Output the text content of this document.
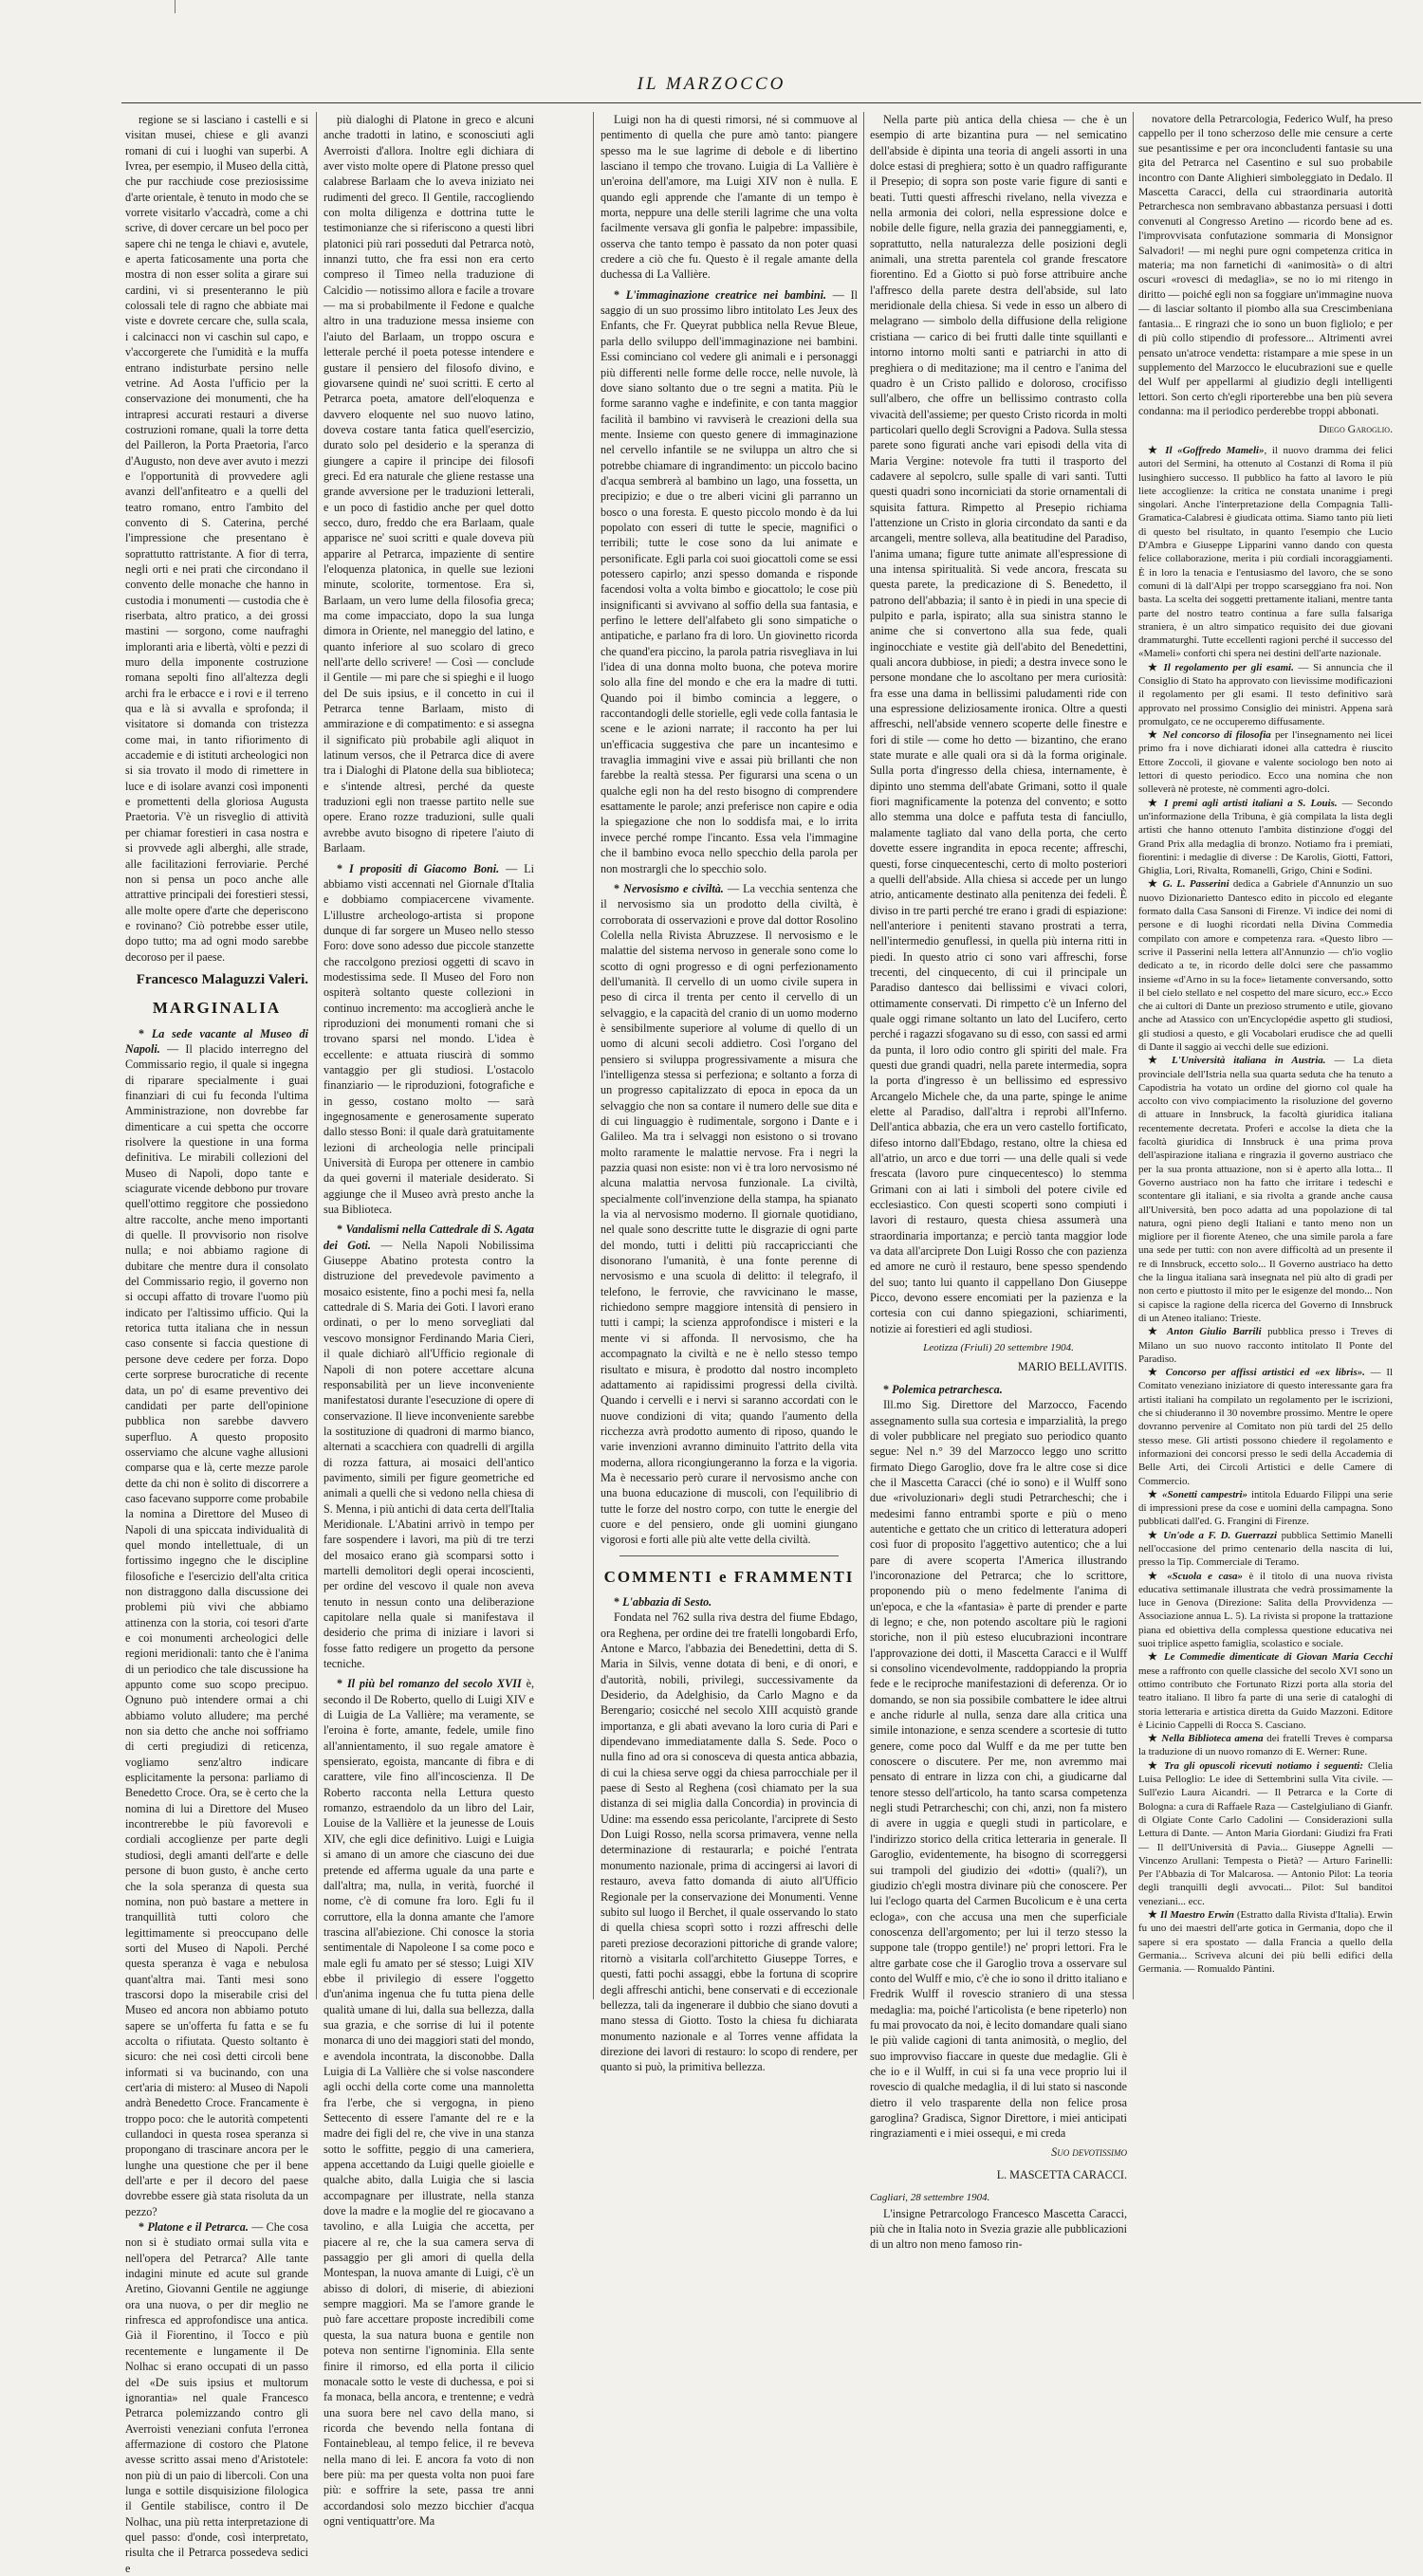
IL MARZOCCO

regione se si lasciano i castelli e si visitan musei, chiese e gli avanzi romani di cui i luoghi van superbi. A Ivrea, per esempio, il Museo della città, che pur racchiude cose preziosissime d'arte orientale, è tenuto in modo che se vorrete visitarlo v'accadrà, come a chi scrive, di dover cercare un bel poco per sapere chi ne tenga le chiavi e, avutele, e aperta faticosamente una porta che mostra di non esser solita a girare sui cardini, vi si presenteranno le più colossali tele di ragno che abbiate mai viste e dovrete cercare che, sulla scala, i calcinacci non vi caschin sul capo, e v'accorgerete che l'umidità e la muffa entrano indisturbate persino nelle vetrine. Ad Aosta l'ufficio per la conservazione dei monumenti, che ha intrapresi accurati restauri a diverse costruzioni romane, quali la torre detta del Pailleron, la Porta Praetoria, l'arco d'Augusto, non deve aver avuto i mezzi e l'opportunità di provvedere agli avanzi dell'anfiteatro e a quelli del teatro romano, entro l'ambito del convento di S. Caterina, perché l'impressione che presentano è soprattutto rattristante. A fior di terra, negli orti e nei prati che circondano il convento delle monache che hanno in custodia i monumenti — custodia che è riserbata, altro pratico, a dei grossi mastini — sorgono, come naufraghi imploranti aria e libertà, vòlti e pezzi di muro della imponente costruzione romana sepolti fino all'altezza degli archi fra le erbacce e i rovi e il terreno qua e là si avvalla e sprofonda; il visitatore si domanda con tristezza come mai, in tanto rifiorimento di accademie e di istituti archeologici non si sia trovato il modo di rimettere in luce e di isolare avanzi così imponenti e promettenti della gloriosa Augusta Praetoria. V'è un risveglio di attività per chiamar forestieri in casa nostra e si provvede agli alberghi, alle strade, alle facilitazioni ferroviarie. Perché non si pensa un poco anche alle attrattive principali dei forestieri stessi, alle molte opere d'arte che deperiscono e rovinano? Ciò potrebbe esser utile, dopo tutto; ma ad ogni modo sarebbe decoroso per il paese.

Francesco Malaguzzi Valeri.

MARGINALIA

* La sede vacante al Museo di Napoli. — Il placido interregno del Commissario regio, il quale si ingegna di riparare specialmente i guai finanziari di cui fu feconda l'ultima Amministrazione, non dovrebbe far dimenticare a cui spetta che occorre risolvere la questione in una forma definitiva. Le mirabili collezioni del Museo di Napoli, dopo tante e sciagurate vicende debbono pur trovare quell'ottimo reggitore che possiedono altre raccolte, anche meno importanti di quelle. Il provvisorio non risolve nulla; e noi abbiamo ragione di dubitare che mentre dura il consolato del Commissario regio, il governo non si occupi affatto di trovare l'uomo più indicato per l'altissimo ufficio. Qui la retorica tutta italiana che in nessun caso consente si faccia questione di persone deve cedere per forza. Dopo certe sorprese burocratiche di recente data, un po' di esame preventivo dei candidati per parte dell'opinione pubblica non sarebbe davvero superfluo. A questo proposito osserviamo che alcune vaghe allusioni comparse qua e là, certe mezze parole dette da chi non è solito di discorrere a caso facevano supporre come probabile la nomina a Direttore del Museo di Napoli di una spiccata individualità di quel mondo intellettuale, di un fortissimo ingegno che le discipline filosofiche e l'esercizio dell'alta critica non distraggono dalla discussione dei problemi più vivi che abbiamo attinenza con la storia, coi tesori d'arte e coi monumenti archeologici delle regioni meridionali: tanto che è l'anima di un periodico che tale discussione ha appunto come suo scopo precipuo. Ognuno può intendere ormai a chi abbiamo voluto alludere; ma perché non sia detto che anche noi soffriamo di certi pregiudizi di reticenza, vogliamo senz'altro indicare esplicitamente la persona: parliamo di Benedetto Croce. Ora, se è certo che la nomina di lui a Direttore del Museo incontrerebbe le più favorevoli e cordiali accoglienze per parte degli studiosi, degli amanti dell'arte e delle persone di buon gusto, è anche certo che la sola speranza di questa sua nomina, non può bastare a mettere in tranquillità tutti coloro che legittimamente si preoccupano delle sorti del Museo di Napoli. Perché questa speranza è vaga e nebulosa quant'altra mai. Tanti mesi sono trascorsi dopo la miserabile crisi del Museo ed ancora non abbiamo potuto sapere se un'offerta fu fatta e se fu accolta o rifiutata. Questo soltanto è sicuro: che nei così detti circoli bene informati si va bucinando, con una cert'aria di mistero: al Museo di Napoli andrà Benedetto Croce. Francamente è troppo poco: che le autorità competenti cullandoci in questa rosea speranza si propongano di trascinare ancora per le lunghe una questione che per il bene dell'arte e per il decoro del paese dovrebbe essere già stata risoluta da un pezzo?

* Platone e il Petrarca. — Che cosa non si è studiato ormai sulla vita e nell'opera del Petrarca? Alle tante indagini minute ed acute sul grande Aretino, Giovanni Gentile ne aggiunge ora una nuova, o per dir meglio ne rinfresca ed approfondisce una antica. Già il Fiorentino, il Tocco e più recentemente e lungamente il De Nolhac si erano occupati di un passo del «De suis ipsius et multorum ignorantia» nel quale Francesco Petrarca polemizzando contro gli Averroisti veneziani confuta l'erronea affermazione di costoro che Platone avesse scritto assai meno d'Aristotele: non più di un paio di libercoli. Con una lunga e sottile disquisizione filologica il Gentile stabilisce, contro il De Nolhac, una più retta interpretazione di quel passo: d'onde, così interpretato, risulta che il Petrarca possedeva sedici e

più dialoghi di Platone in greco e alcuni anche tradotti in latino, e sconosciuti agli Averroisti d'allora. Inoltre egli dichiara di aver visto molte opere di Platone presso quel calabrese Barlaam che lo aveva iniziato nei rudimenti del greco. Il Gentile, raccogliendo con molta diligenza e dottrina tutte le testimonianze che si riferiscono a questi libri platonici più rari posseduti dal Petrarca notò, innanzi tutto, che fra essi non era certo compreso il Timeo nella traduzione di Calcidio — notissimo allora e facile a trovare — ma si probabilmente il Fedone e qualche altro in una traduzione messa insieme con l'aiuto del Barlaam, un troppo oscura e letterale perché il poeta potesse intendere e gustare il pensiero del filosofo divino, e giovarsene quindi ne' suoi scritti. E certo al Petrarca poeta, amatore dell'eloquenza e davvero eloquente nel suo nuovo latino, doveva costare tanta fatica quell'esercizio, durato solo pel desiderio e la speranza di giungere a capire il principe dei filosofi greci. Ed era naturale che gliene restasse una grande avversione per le traduzioni letterali, e un poco di fastidio anche per quel dotto secco, duro, freddo che era Barlaam, quale apparisce ne' suoi scritti e quale doveva più apparire al Petrarca, impaziente di sentire l'eloquenza platonica, in quelle sue lezioni minute, scolorite, tormentose. Era sì, Barlaam, un vero lume della filosofia greca; ma come impacciato, dopo la sua lunga dimora in Oriente, nel maneggio del latino, e quanto inferiore al suo scolaro di greco nell'arte dello scrivere! — Così — conclude il Gentile — mi pare che si spieghi e il luogo del De suis ipsius, e il concetto in cui il Petrarca tenne Barlaam, misto di ammirazione e di compatimento: e si assegna il significato più probabile agli aliquot in latinum versos, che il Petrarca dice di avere tra i Dialoghi di Platone della sua biblioteca; e s'intende altresì, perché da queste traduzioni egli non traesse partito nelle sue opere. Erano rozze traduzioni, sulle quali avrebbe avuto bisogno di ripetere l'aiuto di Barlaam.

* I propositi di Giacomo Boni. — Li abbiamo visti accennati nel Giornale d'Italia e dobbiamo compiacercene vivamente. L'illustre archeologo-artista si propone dunque di far sorgere un Museo nello stesso Foro: dove sono adesso due piccole stanzette che raccolgono preziosi oggetti di scavo in modestissima sede. Il Museo del Foro non ospiterà soltanto queste collezioni in continuo incremento: ma accoglierà anche le riproduzioni dei monumenti romani che si trovano sparsi nel mondo. L'idea è eccellente: e attuata riuscirà di sommo vantaggio per gli studiosi. L'ostacolo finanziario — le riproduzioni, fotografiche e in gesso, costano molto — sarà ingegnosamente e generosamente superato dallo stesso Boni: il quale darà gratuitamente lezioni di archeologia nelle principali Università di Europa per ottenere in cambio da quei governi il materiale desiderato. Si aggiunge che il Museo avrà presto anche la sua Biblioteca.

* Vandalismi nella Cattedrale di S. Agata dei Goti. — Nella Napoli Nobilissima Giuseppe Abatino protesta contro la distruzione del prevedevole pavimento a mosaico esistente, fino a pochi mesi fa, nella cattedrale di S. Maria dei Goti. I lavori erano ordinati, o per lo meno sorvegliati dal vescovo monsignor Ferdinando Maria Cieri, il quale dichiarò all'Ufficio regionale di Napoli di non potere accettare alcuna responsabilità per un lieve inconveniente manifestatosi durante l'esecuzione di opere di conservazione. Il lieve inconveniente sarebbe la sostituzione di quadroni di marmo bianco, alternati a scacchiera con quadrelli di argilla di rozza fattura, ai mosaici dell'antico pavimento, simili per figure geometriche ed animali a quelli che si vedono nella chiesa di S. Menna, i più antichi di data certa dell'Italia Meridionale. L'Abatini arrivò in tempo per fare sospendere i lavori, ma più di tre terzi del mosaico erano già scomparsi sotto i martelli demolitori degli operai incoscienti, per ordine del vescovo il quale non aveva tenuto in nessun conto una deliberazione capitolare nella quale si manifestava il desiderio che prima di iniziare i lavori si fosse fatto redigere un progetto da persone tecniche.

* Il più bel romanzo del secolo XVII è, secondo il De Roberto, quello di Luigi XIV e di Luigia de La Vallière; ma veramente, se l'eroina è forte, amante, fedele, umile fino all'annientamento, il suo regale amatore è spensierato, egoista, mancante di fibra e di carattere, vile fino all'incoscienza. Il De Roberto racconta nella Lettura questo romanzo, estraendolo da un libro del Lair, Louise de la Vallière et la jeunesse de Louis XIV, che egli dice definitivo. Luigi e Luigia si amano di un amore che ciascuno dei due pretende ed afferma uguale da una parte e dall'altra; ma, nulla, in verità, fuorché il nome, c'è di comune fra loro. Egli fu il corruttore, ella la donna amante che l'amore trascina all'abiezione. Chi conosce la storia sentimentale di Napoleone I sa come poco e male egli fu amato per sé stesso; Luigi XIV ebbe il privilegio di essere l'oggetto d'un'anima ingenua che fu tutta piena delle qualità umane di lui, dalla sua bellezza, dalla sua grazia, e che sorrise di lui il potente monarca di uno dei maggiori stati del mondo, e avendola incontrata, la disconobbe. Dalla Luigia di La Vallière che si volse nascondere agli occhi della corte come una mannoletta fra l'erbe, che si vergogna, in pieno Settecento di essere l'amante del re e la madre dei figli del re, che vive in una stanza sotto le soffitte, peggio di una cameriera, appena accettando da Luigi quelle gioielle e qualche abito, dalla Luigia che si lascia accompagnare per illustrate, nella stanza dove la madre e la moglie del re giocavano a tavolino, e alla Luigia che accetta, per piacere al re, che la sua camera serva di passaggio per gli amori di quella della Montespan, la nuova amante di Luigi, c'è un abisso di dolori, di miserie, di abiezioni sempre maggiori. Ma se l'amore grande le può fare accettare proposte incredibili come questa, la sua natura buona e gentile non poteva non sentirne l'ignominia. Ella sente finire il rimorso, ed ella porta il cilicio monacale sotto le veste di duchessa, e poi si fa monaca, bella ancora, e trentenne; e vedrà una suora bere nel cavo della mano, si ricorda che bevendo nella fontana di Fontainebleau, al tempo felice, il re beveva nella mano di lei. E ancora fa voto di non bere più: ma per questa volta non puoi fare più: e soffrire la sete, passa tre anni accordandosi solo mezzo bicchier d'acqua ogni ventiquattr'ore. Ma

Luigi non ha di questi rimorsi, né si commuove al pentimento di quella che pure amò tanto: piangere spesso ma le sue lagrime di debole e di libertino lasciano il tempo che trovano. Luigia di La Vallière è un'eroina dell'amore, ma Luigi XIV non è nulla. E quando egli apprende che l'amante di un tempo è morta, neppure una delle sterili lagrime che una volta facilmente versava gli gonfia le palpebre: impassibile, osserva che tanto tempo è passato da non poter quasi credere a ciò che fu. Questo è il regale amante della duchessa di La Vallière.

* L'immaginazione creatrice nei bambini. — Il saggio di un suo prossimo libro intitolato Les Jeux des Enfants, che Fr. Queyrat pubblica nella Revue Bleue, parla dello sviluppo dell'immaginazione nei bambini. Essi cominciano col vedere gli animali e i personaggi più differenti nelle forme delle rocce, nelle nuvole, là dove siano soltanto due o tre segni a matita. Più le forme saranno vaghe e indefinite, e con tanta maggior facilità il bambino vi ravviserà le creazioni della sua mente. Insieme con questo genere di immaginazione nel cervello infantile se ne sviluppa un altro che si potrebbe chiamare di ingrandimento: un piccolo bacino d'acqua sembrerà al bambino un lago, una fossetta, un precipizio; e due o tre alberi vicini gli parranno un bosco o una foresta. E questo piccolo mondo è da lui popolato con esseri di tutte le specie, magnifici o terribili; tutte le cose sono da lui animate e personificate. Egli parla coi suoi giocattoli come se essi potessero capirlo; anzi spesso domanda e risponde facendosi volta a volta bimbo e giocattolo; le cose più insignificanti si avvivano al soffio della sua fantasia, e perfino le lettere dell'alfabeto gli sono simpatiche o antipatiche, e parlano fra di loro. Un giovinetto ricorda che quand'era piccino, la parola patria risvegliava in lui l'idea di una donna molto buona, che poteva morire solo alla fine del mondo e che era la madre di tutti. Quando poi il bimbo comincia a leggere, o raccontandogli delle storielle, egli vede colla fantasia le scene e le azioni narrate; il racconto ha per lui un'efficacia suggestiva che pare un incantesimo e travaglia immagini vive e assai più brillanti che non farebbe la realtà stessa. Per figurarsi una scena o un qualche egli non ha del resto bisogno di comprendere esattamente le parole; anzi preferisce non capire e odia la spiegazione che non lo soddisfa mai, e lo irrita invece perché rompe l'incanto. Essa vela l'immagine che il bambino evoca nello specchio della parola per non mostrargli che lo specchio solo.

* Nervosismo e civiltà. — La vecchia sentenza che il nervosismo sia un prodotto della civiltà, è corroborata di osservazioni e prove dal dottor Rosolino Colella nella Rivista Abruzzese. Il nervosismo e le malattie del sistema nervoso in generale sono come lo scotto di ogni progresso e di ogni perfezionamento dell'umanità. Il cervello di un uomo civile supera in peso di circa il trenta per cento il cervello di un selvaggio, e la capacità del cranio di un uomo moderno è sensibilmente superiore al volume di quello di un uomo di alcuni secoli addietro. Così l'organo del pensiero si sviluppa progressivamente a misura che l'intelligenza stessa si perfeziona; e soltanto a forza di un progresso capitalizzato di epoca in epoca da un selvaggio che non sa contare il numero delle sue dita e di cui linguaggio è rudimentale, sorgono i Dante e i Galileo. Ma tra i selvaggi non esistono o si trovano molto raramente le malattie nervose. Fra i negri la pazzia quasi non esiste: non vi è tra loro nervosismo né alcuna malattia nervosa funzionale. La civiltà, specialmente coll'invenzione della stampa, ha spianato la via al nervosismo moderno. Il giornale quotidiano, nel quale sono descritte tutte le disgrazie di ogni parte del mondo, tutti i delitti più raccapriccianti che disonorano l'umanità, è una fonte perenne di nervosismo e una scuola di delitto: il telegrafo, il telefono, le ferrovie, che ravvicinano le masse, richiedono sempre maggiore intensità di pensiero in tutti i campi; la scienza approfondisce i misteri e la mente vi si affonda. Il nervosismo, che ha accompagnato la civiltà e ne è nello stesso tempo risultato e misura, è prodotto dal nostro incompleto adattamento ai rapidissimi progressi della civiltà. Quando i cervelli e i nervi si saranno accordati con le nuove condizioni di vita; quando l'aumento della ricchezza avrà prodotto aumento di riposo, quando le varie invenzioni avranno diminuito l'attrito della vita moderna, allora ricongiungeranno la forza e la vigoria. Ma è necessario però curare il nervosismo anche con una buona educazione di muscoli, con l'equilibrio di tutte le forze del nostro corpo, con tutte le energie del cuore e del pensiero, onde gli uomini giungano vigorosi e forti alle più alte vette della civiltà.

COMMENTI e FRAMMENTI

* L'abbazia di Sesto.

Fondata nel 762 sulla riva destra del fiume Ebdago, ora Reghena, per ordine dei tre fratelli longobardi Erfo, Antone e Marco, l'abbazia dei Benedettini, detta di S. Maria in Silvis, venne dotata di beni, e di onori, e d'autorità, nobili, privilegi, successivamente da Desiderio, da Adelghisio, da Carlo Magno e da Berengario; cosicché nel secolo XIII acquistò grande importanza, e gli abati avevano la loro curia di Pari e dipendevano immediatamente dalla S. Sede. Poco o nulla fino ad ora si conosceva di questa antica abbazia, di cui la chiesa serve oggi da chiesa parrocchiale per il paese di Sesto al Reghena (così chiamato per la sua distanza di sei miglia dalla Concordia) in provincia di Udine: ma essendo essa pericolante, l'arciprete di Sesto Don Luigi Rosso, nella scorsa primavera, venne nella determinazione di restaurarla; e poiché l'entrata monumento nazionale, prima di accingersi ai lavori di restauro, aveva fatto domanda di aiuto all'Ufficio Regionale per la conservazione dei Monumenti. Venne subito sul luogo il Berchet, il quale osservando lo stato di quella chiesa scoprì sotto i rozzi affreschi delle pareti preziose decorazioni pittoriche di grande valore; ritornò a visitarla coll'architetto Giuseppe Torres, e questi, fatti pochi assaggi, ebbe la fortuna di scoprire degli affreschi antichi, bene conservati e di eccezionale bellezza, tali da ingenerare il dubbio che siano dovuti a mano stessa di Giotto. Tosto la chiesa fu dichiarata monumento nazionale e al Torres venne affidata la direzione dei lavori di restauro: lo scopo di rendere, per quanto si può, la primitiva bellezza.

Nella parte più antica della chiesa — che è un esempio di arte bizantina pura — nel semicatino dell'abside è dipinta una teoria di angeli assorti in una dolce estasi di preghiera; sotto è un quadro raffigurante il Presepio; di sopra son poste varie figure di santi e beati. Tutti questi affreschi rivelano, nella vivezza e nella armonia dei colori, nella espressione dolce e nobile delle figure, nella grazia dei panneggiamenti, e, soprattutto, nella naturalezza delle posizioni degli animali, una stretta parentela col grande frescatore fiorentino. Ed a Giotto si può forse attribuire anche l'affresco della parete destra dell'abside, sul lato meridionale della chiesa. Si vede in esso un albero di melagrano — simbolo della diffusione della religione cristiana — carico di bei frutti dalle tinte squillanti e intorno intorno molti santi e patriarchi in atto di preghiera o di meditazione; ma il centro e l'anima del quadro è un Cristo pallido e doloroso, crocifisso sull'albero, che offre un bellissimo contrasto colla vivacità dell'assieme; per questo Cristo ricorda in molti particolari quello degli Scrovigni a Padova. Sulla stessa parete sono figurati anche vari episodi della vita di Maria Vergine: notevole fra tutti il trasporto del cadavere al sepolcro, sulle spalle di vari santi. Tutti questi quadri sono incorniciati da storie ornamentali di squisita fattura. Rimpetto al Presepio richiama l'attenzione un Cristo in gloria circondato da santi e da arcangeli, mentre solleva, alla beatitudine del Paradiso, l'anima umana; figure tutte animate all'espressione di una intensa spiritualità. Si vede ancora, frescata su questa parete, la predicazione di S. Benedetto, il patrono dell'abbazia; il santo è in piedi in una specie di pulpito e parla, ispirato; alla sua sinistra stanno le anime che si convertono alla sua fede, quali inginocchiate e vestite già dell'abito del Benedettini, quali ancora dubbiose, in piedi; a destra invece sono le persone mondane che lo ascoltano per mera curiosità: fra esse una dama in bellissimi paludamenti ride con una espressione deliziosamente ironica. Oltre a questi affreschi, nell'abside vennero scoperte delle finestre e fori di stile — come ho detto — bizantino, che erano state murate e alle quali ora si dà la forma originale. Sulla porta d'ingresso della chiesa, internamente, è dipinto uno stemma dell'abate Grimani, sotto il quale fiori magnificamente la potenza del convento; e sotto allo stemma una dolce e paffuta testa di fanciullo, malamente tagliato dal vano della porta, che certo dovette essere ingrandita in epoca recente; affreschi, questi, forse cinquecenteschi, certo di molto posteriori a quelli dell'abside. Alla chiesa si accede per un lungo atrio, anticamente destinato alla penitenza dei fedeli. È diviso in tre parti perché tre erano i gradi di espiazione: nell'anteriore i penitenti stavano prostrati a terra, nell'intermedio genuflessi, in quella più interna ritti in piedi. In questo atrio ci sono vari affreschi, forse trecenti, del cinquecento, di cui il principale un Paradiso dantesco dai bellissimi e vivaci colori, ottimamente conservati. Di rimpetto c'è un Inferno del quale oggi rimane soltanto un lato del Lucifero, certo perché i ragazzi sfogavano su di esso, con sassi ed armi da punta, il loro odio contro gli spiriti del male. Fra questi due grandi quadri, nella parete intermedia, sopra la porta d'ingresso è un bellissimo ed espressivo Arcangelo Michele che, da una parte, spinge le anime elette al Paradiso, dall'altra i reprobi all'Inferno. Dell'antica abbazia, che era un vero castello fortificato, difeso intorno dall'Ebdago, restano, oltre la chiesa ed all'atrio, un arco e due torri — una delle quali si vede frescata (lavoro pure cinquecentesco) lo stemma Grimani con ai lati i simboli del potere civile ed ecclesiastico. Con questi scoperti sono compiuti i lavori di restauro, questa chiesa assumerà una straordinaria importanza; e perciò tanta maggior lode va data all'arciprete Don Luigi Rosso che con pazienza ed amore ne curò il restauro, bene spesso spendendo del suo; tanto lui quanto il cappellano Don Giuseppe Picco, devono essere encomiati per la pazienza e la cortesia con cui danno spiegazioni, schiarimenti, notizie ai forestieri ed agli studiosi.

Leotizza (Friuli) 20 settembre 1904.

MARIO BELLAVITIS.

* Polemica petrarchesca.

Ill.mo Sig. Direttore del Marzocco, Facendo assegnamento sulla sua cortesia e imparzialità, la prego di voler pubblicare nel pregiato suo periodico quanto segue: Nel n.° 39 del Marzocco leggo uno scritto firmato Diego Garoglio, dove fra le altre cose si dice che il Mascetta Caracci (ché io sono) e il Wulff sono due «rivoluzionari» degli studi Petrarcheschi; che i medesimi fanno entrambi sporte e più o meno autentiche e gettato che un critico di letteratura adoperi così fuor di proposito l'aggettivo autentico; che a lui pare di avere scoperta l'America illustrando l'incoronazione del Petrarca; che lo scrittore, proponendo più o meno fedelmente l'anima di un'epoca, e che la «fantasia» è parte di prender e parte di legno; e che, non potendo ascoltare più le ragioni storiche, non il più esteso elucubrazioni incontrare l'approvazione dei dotti, il Mascetta Caracci e il Wulff si consolino vicendevolmente, raddoppiando la propria fede e le reciproche manifestazioni di deferenza. Or io domando, se non sia possibile combattere le idee altrui e anche ridurle al nulla, senza dare alla critica una simile intonazione, e senza scendere a scortesie di tutto genere, come poco dal Wulff e da me per tutte ben conoscere o discutere. Per me, non avremmo mai pensato di entrare in lizza con chi, a giudicarne dal tenore stesso dell'articolo, ha tanto scarsa competenza negli studi Petrarcheschi; con chi, anzi, non fa mistero di avere in uggia e quegli studi in particolare, e l'indirizzo storico della critica letteraria in generale. Il Garoglio, evidentemente, ha bisogno di scorreggersi sui trampoli del giudizio dei «dotti» (quali?), un giudizio ch'egli mostra divinare più che conoscere. Per lui l'eclogo quarta del Carmen Bucolicum e è una certa ecloga», con che accusa una men che superficiale conoscenza dell'argomento; per lui il terzo stesso la suppone tale (troppo gentile!) ne' propri lettori. Fra le altre garbate cose che il Garoglio trova a osservare sul conto del Wulff e mio, c'è che io sono il dritto italiano e Fredrik Wulff il rovescio straniero di una stessa medaglia: ma, poiché l'articolista (e bene ripeterlo) non fu mai provocato da noi, è lecito domandare quali siano le più valide cagioni di tanta animosità, o meglio, del suo improvviso fiaccare in queste due medaglie. Gli è che io e il Wulff, in cui si fa una vece proprio lui il rovescio di qualche medaglia, il di lui stato si nasconde dietro il velo trasparente della non felice prosa garoglina? Gradisca, Signor Direttore, i miei anticipati ringraziamenti e i miei ossequi, e mi creda

Suo devotissimo

L. MASCETTA CARACCI.

Cagliari, 28 settembre 1904.

L'insigne Petrarcologo Francesco Mascetta Caracci, più che in Italia noto in Svezia grazie alle pubblicazioni di un altro non meno famoso rin-

novatore della Petrarcologia, Federico Wulf, ha preso cappello per il tono scherzoso delle mie censure a certe sue pesantissime e per ora inconcludenti fantasie su una gita del Petrarca nel Casentino e sul suo probabile incontro con Dante Alighieri simboleggiato in Dedalo. Il Mascetta Caracci, della cui straordinaria autorità Petrarchesca non sembravano abbastanza persuasi i dotti convenuti al Congresso Aretino — ricordo bene ad es. l'improvvisata confutazione sommaria di Monsignor Salvadori! — mi neghi pure ogni competenza critica in materia; ma non farnetichi di «animosità» o di altri oscuri «rovesci di medaglia», se no io mi ritengo in diritto — poiché egli non sa foggiare un'immagine nuova — di lasciar soltanto il piombo alla sua Crescimbeniana fantasia... E ringrazi che io sono un buon figliolo; e per di più collo stipendio di professore... Altrimenti avrei pensato un'atroce vendetta: ristampare a mie spese in un supplemento del Marzocco le elucubrazioni sue e quelle del Wulf per appellarmi al giudizio degli intelligenti lettori. Son certo ch'egli riporterebbe una ben più severa condanna: ma il periodico perderebbe troppi abbonati.

Diego Garoglio.

★ Il «Goffredo Mameli», il nuovo dramma dei felici autori del Sermini, ha ottenuto al Costanzi di Roma il più lusinghiero successo. Il pubblico ha fatto al lavoro le più liete accoglienze: la critica ne constata unanime i pregi singolari. Anche l'interpretazione della Compagnia Talli-Gramatica-Calabresi è giudicata ottima. Siamo tanto più lieti di questo bel risultato, in quanto l'esempio che Lucio D'Ambra e Giuseppe Lipparini vanno dando con questa felice collaborazione, merita i più cordiali incoraggiamenti. È in loro la tenacia e l'entusiasmo del lavoro, che se sono comuni di là dall'Alpi per troppo scarseggiano fra noi. Non basta. La scelta dei soggetti prettamente italiani, mentre tanta parte del nostro teatro continua a fare sulla falsariga straniera, è un altro simpatico requisito dei due giovani drammaturghi. Tutte eccellenti ragioni perché il successo del «Mameli» conforti chi spera nei destini dell'arte nazionale.

★ Il regolamento per gli esami. — Si annuncia che il Consiglio di Stato ha approvato con lievissime modificazioni il regolamento per gli esami. Il testo definitivo sarà approvato nel prossimo Consiglio dei ministri. Appena sarà promulgato, ce ne occuperemo diffusamente.

★ Nel concorso di filosofia per l'insegnamento nei licei primo fra i nove dichiarati idonei alla cattedra è riuscito Ettore Zoccoli, il giovane e valente sociologo ben noto ai lettori di questo periodico. Ecco una nomina che non solleverà nè proteste, nè commenti agro-dolci.

★ I premi agli artisti italiani a S. Louis. — Secondo un'informazione della Tribuna, è già compilata la lista degli artisti che hanno ottenuto l'ambita distinzione d'oggi del Grand Prix alla medaglia di bronzo. Notiamo fra i premiati, fiorentini: i medaglie di diverse : De Karolis, Giotti, Fattori, Ghiglia, Lori, Rivalta, Romanelli, Grigo, Chini e Sodini.

★ G. L. Passerini dedica a Gabriele d'Annunzio un suo nuovo Dizionarietto Dantesco edito in piccolo ed elegante formato dalla Casa Sansoni di Firenze. Vi indice dei nomi di persone e di luoghi ricordati nella Divina Commedia compilato con amore e competenza rara. «Questo libro — scrive il Passerini nella lettera all'Annunzio — ch'io voglio dedicato a te, in ricordo delle dolci sere che passammo insieme «d'Arno in su la foce» lietamente conversando, sotto il bel cielo stellato e nel cospetto del mare sicuro, ecc.» Ecco che ai cultori di Dante un prezioso strumento e utile, giovano anche ad Atassico con un'Encyclopédie aspetto gli studiosi, gli studiosi a questo, e gli Vocabolari erudisce che ad quelli di Dante il saggio ai vecchi delle sue edizioni.

★ L'Università italiana in Austria. — La dieta provinciale dell'Istria nella sua quarta seduta che ha tenuto a Capodistria ha votato un ordine del giorno col quale ha accolto con vivo compiacimento la risoluzione del governo di attuare in Innsbruck, la facoltà giuridica italiana recentemente decretata. Proferì e accolse la dieta che la facoltà giuridica di Innsbruck è una prima prova dell'aspirazione italiana e ringrazia il governo austriaco che per la sua pronta attuazione, non si è aperto alla lotta... Il Governo austriaco non ha fatto che irritare i tedeschi e scontentare gli italiani, e sia rivolta a grande anche causa all'Università, ben poco adatta ad una popolazione di tal natura, ogni pieno degli Italiani e tanto meno non un migliore per il fiorente Ateneo, che una simile parola a fare una sede per tutti: con non avere difficoltà ad un presente il re di Innsbruck, eccetto solo... Il Governo austriaco ha detto che la lingua italiana sarà insegnata nel più alto di gradi per non certo e piuttosto il mito per le esigenze del mondo... Non si capisce la ragione della ricerca del Governo di Innsbruck di un Ateneo italiano: Trieste.

★ Anton Giulio Barrili pubblica presso i Treves di Milano un suo nuovo racconto intitolato Il Ponte del Paradiso.

★ Concorso per affissi artistici ed «ex libris». — Il Comitato veneziano iniziatore di questo interessante gara fra artisti italiani ha compilato un regolamento per le iscrizioni, che si chiuderanno il 30 novembre prossimo. Mentre le opere dovranno pervenire al Comitato non più tardi del 25 dello stesso mese. Gli artisti possono chiedere il regolamento e informazioni dei concorsi presso le sedi della Accademia di Belle Arti, dei Circoli Artistici e delle Camere di Commercio.

★ «Sonetti campestri» intitola Eduardo Filippi una serie di impressioni prese da cose e uomini della campagna. Sono pubblicati dall'ed. G. Frangini di Firenze.

★ Un'ode a F. D. Guerrazzi pubblica Settimio Manelli nell'occasione del primo centenario della nascita di lui, presso la Tip. Commerciale di Teramo.

★ «Scuola e casa» è il titolo di una nuova rivista educativa settimanale illustrata che vedrà prossimamente la luce in Genova (Direzione: Salita della Provvidenza — Associazione annua L. 5). La rivista si propone la trattazione piana ed obiettiva della complessa questione educativa nei suoi triplice aspetto famiglia, scolastico e sociale.

★ Le Commedie dimenticate di Giovan Maria Cecchi mese a raffronto con quelle classiche del secolo XVI sono un ottimo contributo che Fortunato Rizzi porta alla storia del teatro italiano. Il libro fa parte di una serie di cataloghi di storia letteraria e artistica diretta da Guido Mazzoni. Editore è Licinio Cappelli di Rocca S. Casciano.

★ Nella Biblioteca amena dei fratelli Treves è comparsa la traduzione di un nuovo romanzo di E. Werner: Rune.

★ Tra gli opuscoli ricevuti notiamo i seguenti: Clelia Luisa Pelloglio: Le idee di Settembrini sulla Vita civile. — Sull'ezio Laura Aicandri. — Il Petrarca e la Corte di Bologna: a cura di Raffaele Raza — Castelgiuliano di Gianfr. di Olgiate Conte Carlo Cadolini — Considerazioni sulla Lettura di Dante. — Anton Maria Giordani: Giudizi fra Frati — Il dell'Università di Pavia... Giuseppe Agnelli — Vincenzo Arullani: Tempesta o Pietà? — Arturo Farinelli: Per l'Abbazia di Tor Malcarosa. — Antonio Pilot: La teoria degli tranquilli degli avvocati... Pilot: Sul banditoi veneziani... ecc.

★ Il Maestro Erwin (Estratto dalla Rivista d'Italia). Erwin fu uno dei maestri dell'arte gotica in Germania, dopo che il sapere si era spostato — dalla Francia a quello della Germania... Scriveva alcuni dei più belli edifici della Germania. — Romualdo Pàntini.
